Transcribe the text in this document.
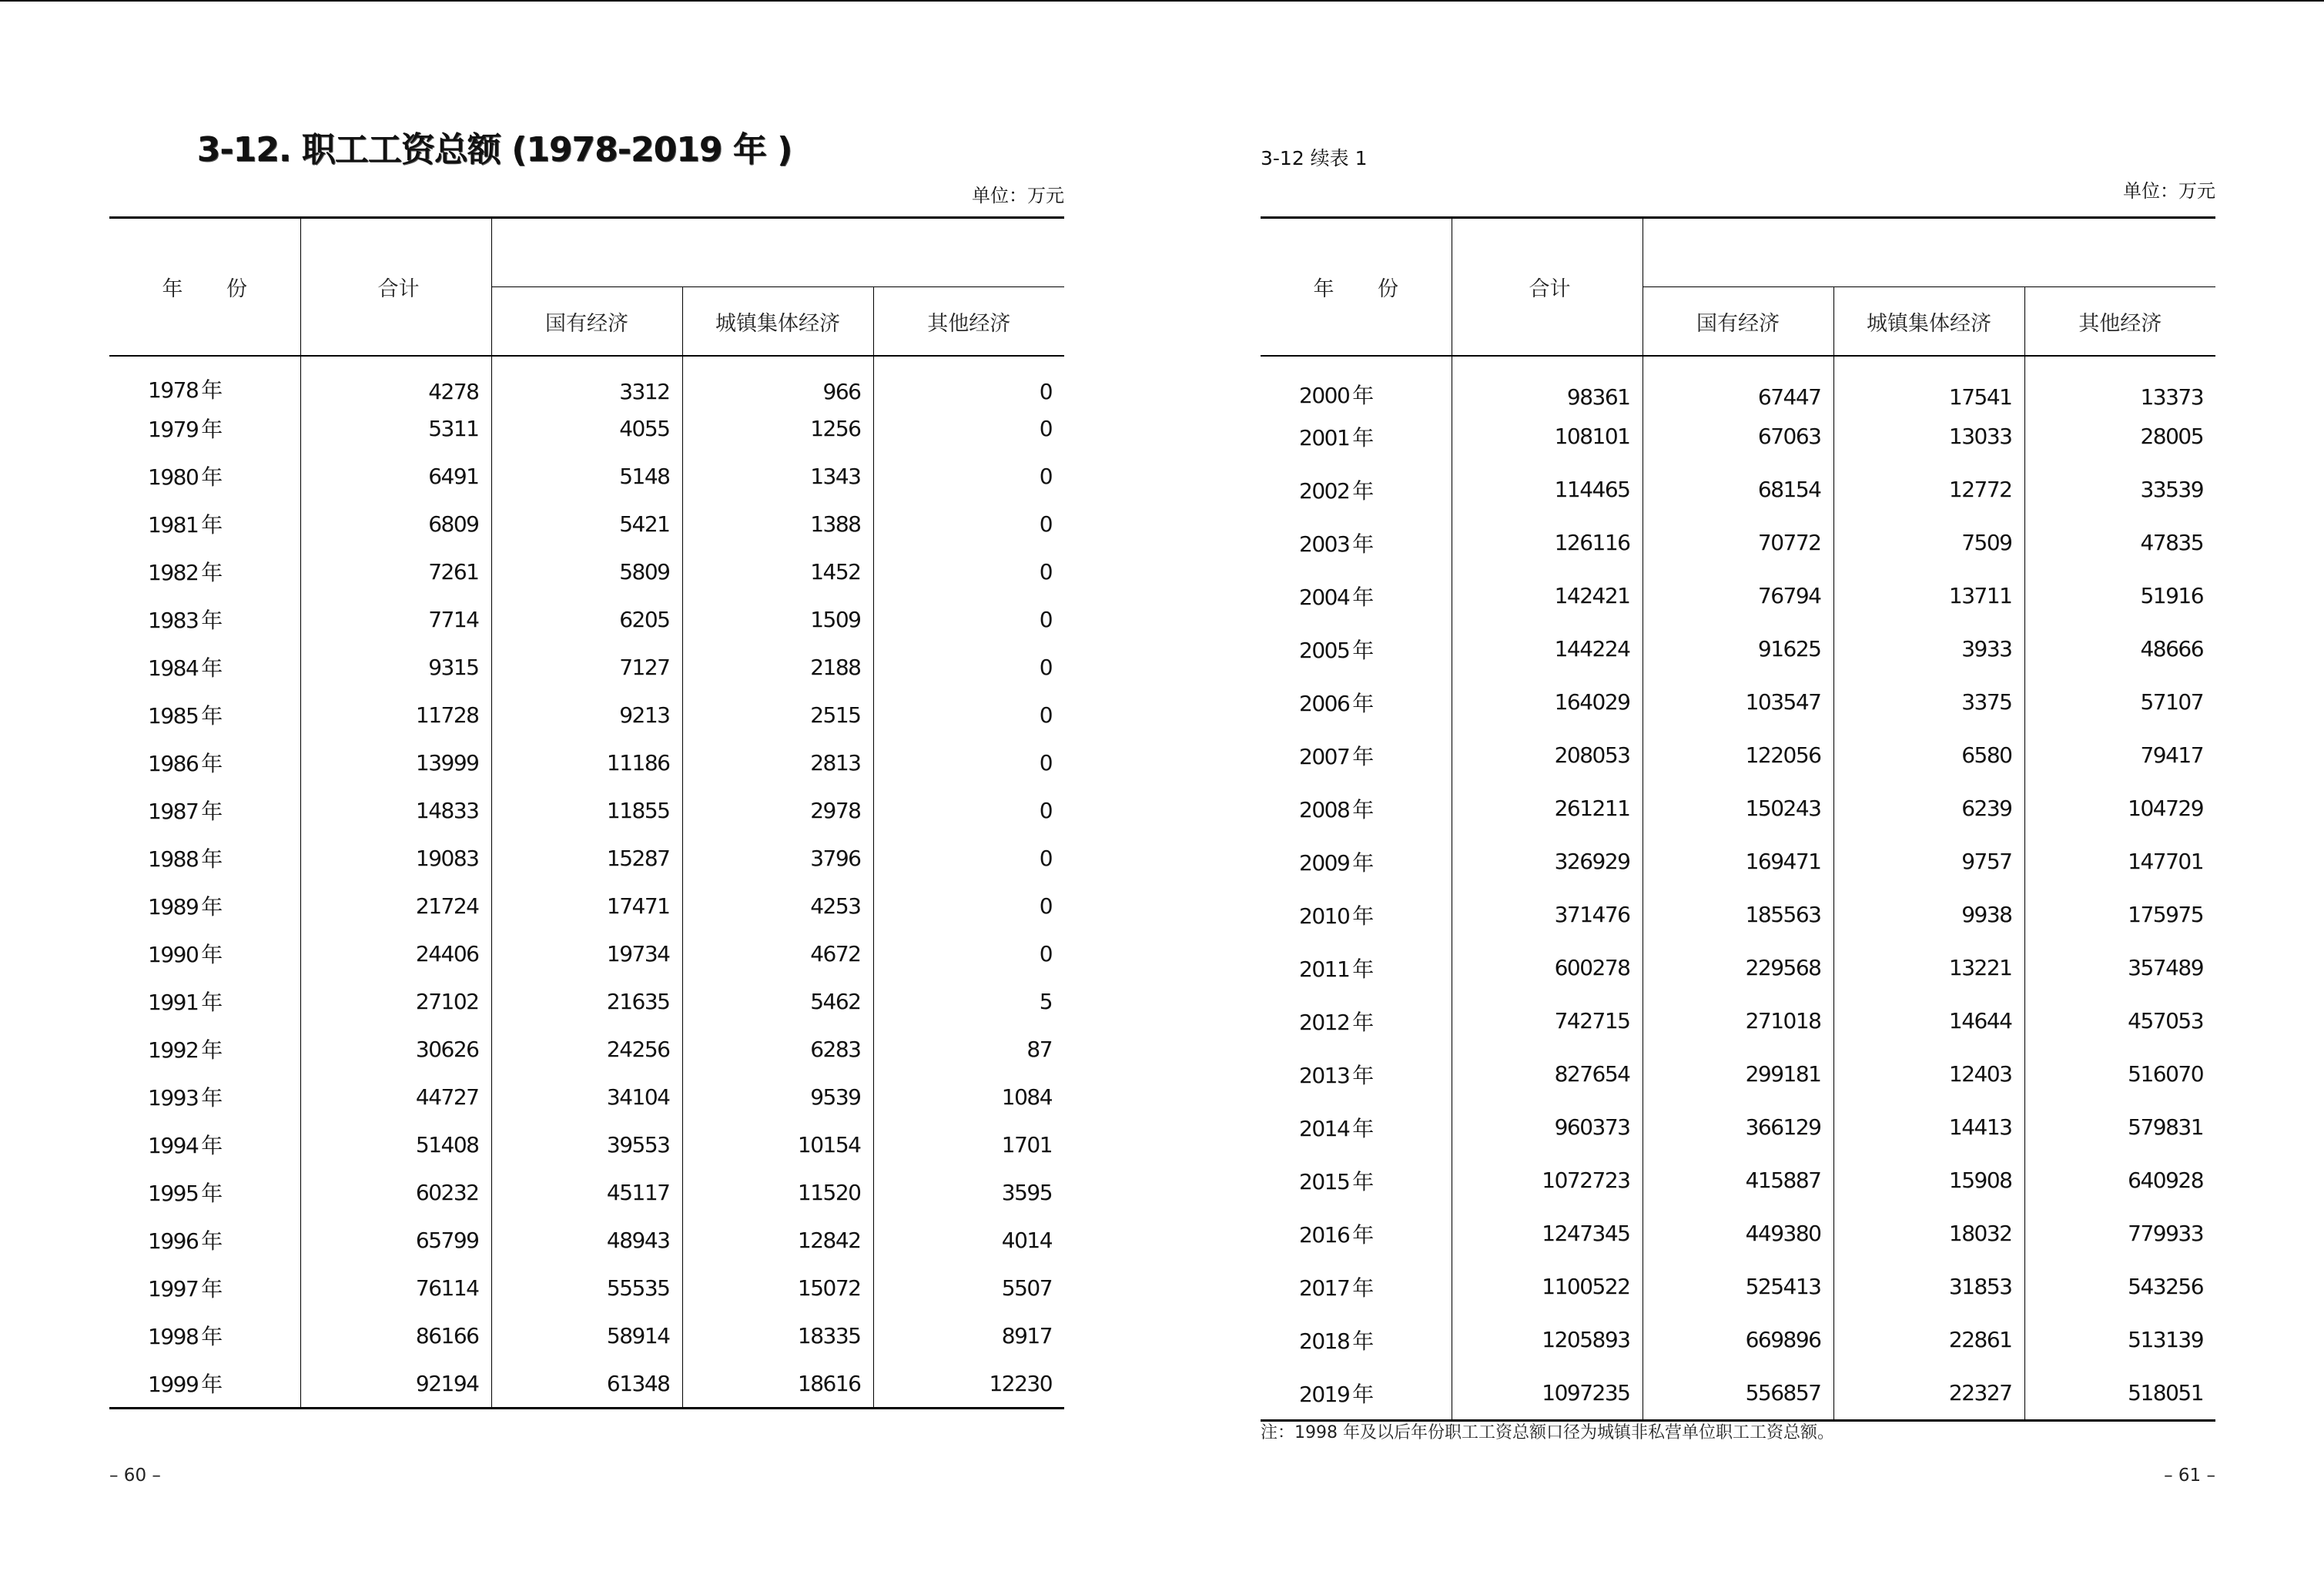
3-12. 职工工资总额 (1978-2019 年 )
单位：万元
年 份	合计			
		国有经济	城镇集体经济	其他经济
1978 年	4278	3312	966	0
1979 年	5311	4055	1256	0
1980 年	6491	5148	1343	0
1981 年	6809	5421	1388	0
1982 年	7261	5809	1452	0
1983 年	7714	6205	1509	0
1984 年	9315	7127	2188	0
1985 年	11728	9213	2515	0
1986 年	13999	11186	2813	0
1987 年	14833	11855	2978	0
1988 年	19083	15287	3796	0
1989 年	21724	17471	4253	0
1990 年	24406	19734	4672	0
1991 年	27102	21635	5462	5
1992 年	30626	24256	6283	87
1993 年	44727	34104	9539	1084
1994 年	51408	39553	10154	1701
1995 年	60232	45117	11520	3595
1996 年	65799	48943	12842	4014
1997 年	76114	55535	15072	5507
1998 年	86166	58914	18335	8917
1999 年	92194	61348	18616	12230
– 60 –
3-12 续表 1
单位：万元
年 份	合计			
		国有经济	城镇集体经济	其他经济
2000 年	98361	67447	17541	13373
2001 年	108101	67063	13033	28005
2002 年	114465	68154	12772	33539
2003 年	126116	70772	7509	47835
2004 年	142421	76794	13711	51916
2005 年	144224	91625	3933	48666
2006 年	164029	103547	3375	57107
2007 年	208053	122056	6580	79417
2008 年	261211	150243	6239	104729
2009 年	326929	169471	9757	147701
2010 年	371476	185563	9938	175975
2011 年	600278	229568	13221	357489
2012 年	742715	271018	14644	457053
2013 年	827654	299181	12403	516070
2014 年	960373	366129	14413	579831
2015 年	1072723	415887	15908	640928
2016 年	1247345	449380	18032	779933
2017 年	1100522	525413	31853	543256
2018 年	1205893	669896	22861	513139
2019 年	1097235	556857	22327	518051
注：1998 年及以后年份职工工资总额口径为城镇非私营单位职工工资总额。
– 61 –
